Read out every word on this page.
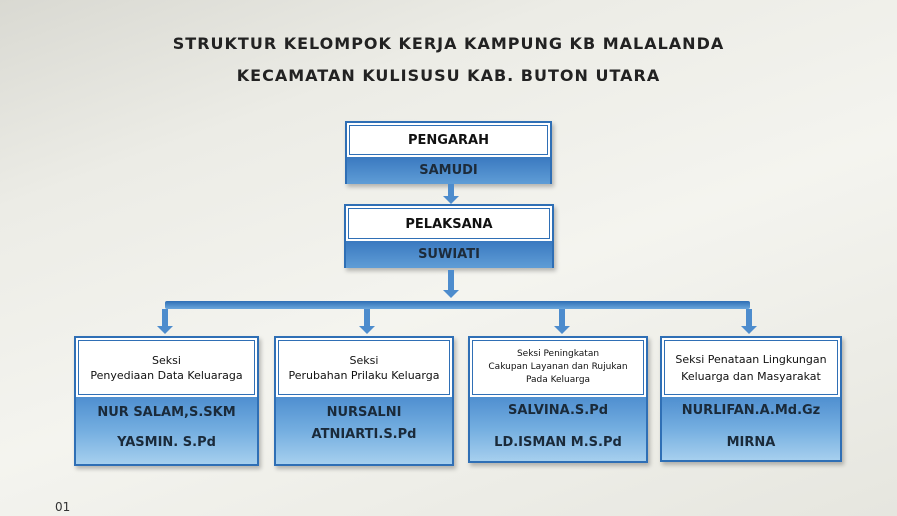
STRUKTUR KELOMPOK KERJA KAMPUNG KB MALALANDA
KECAMATAN KULISUSU KAB. BUTON UTARA
PENGARAH
SAMUDI
PELAKSANA
SUWIATI
Seksi
Penyediaan Data Keluaraga
NUR SALAM,S.SKM
YASMIN. S.Pd
Seksi
Perubahan Prilaku Keluarga
NURSALNI
ATNIARTI.S.Pd
Seksi Peningkatan
Cakupan Layanan dan Rujukan
Pada Keluarga
SALVINA.S.Pd
LD.ISMAN M.S.Pd
Seksi Penataan Lingkungan
Keluarga dan Masyarakat
NURLIFAN.A.Md.Gz
MIRNA
01
